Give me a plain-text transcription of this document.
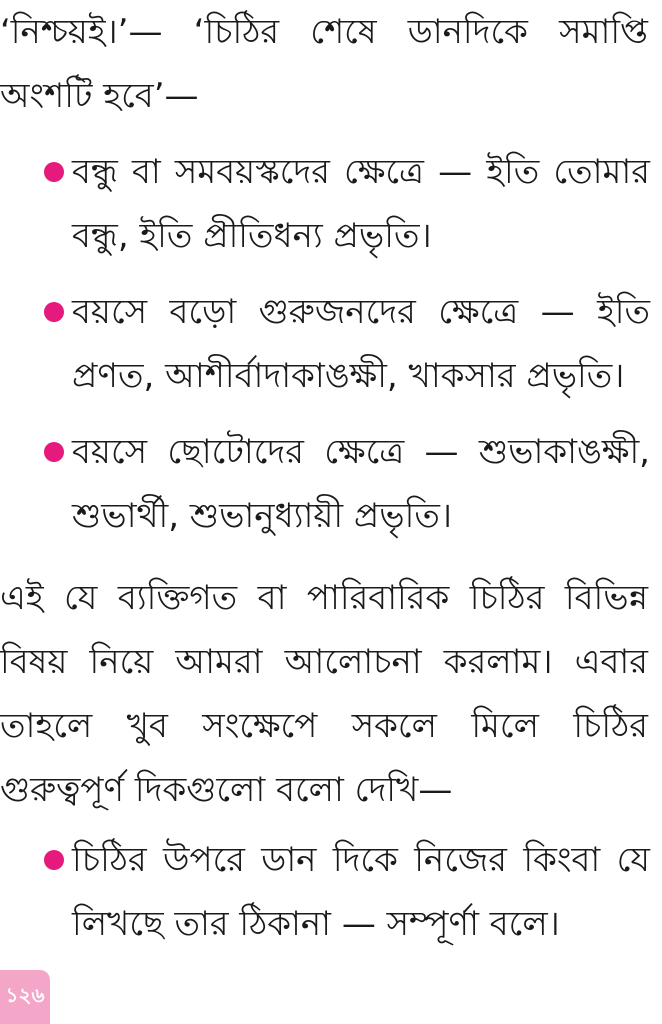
‘নিশ্চয়ই।’— ‘চিঠির শেষে ডানদিকে সমাপ্তি অংশটি হবে’—

বন্ধু বা সমবয়স্কদের ক্ষেত্রে — ইতি তোমার বন্ধু, ইতি প্রীতিধন্য প্রভৃতি।
বয়সে বড়ো গুরুজনদের ক্ষেত্রে — ইতি প্রণত, আশীর্বাদাকাঙক্ষী, খাকসার প্রভৃতি।
বয়সে ছোটোদের ক্ষেত্রে — শুভাকাঙক্ষী, শুভার্থী, শুভানুধ্যায়ী প্রভৃতি।

এই যে ব্যক্তিগত বা পারিবারিক চিঠির বিভিন্ন বিষয় নিয়ে আমরা আলোচনা করলাম। এবার তাহলে খুব সংক্ষেপে সকলে মিলে চিঠির গুরুত্বপূর্ণ দিকগুলো বলো দেখি—

চিঠির উপরে ডান দিকে নিজের কিংবা যে লিখছে তার ঠিকানা — সম্পূর্ণা বলে।
১২৬
